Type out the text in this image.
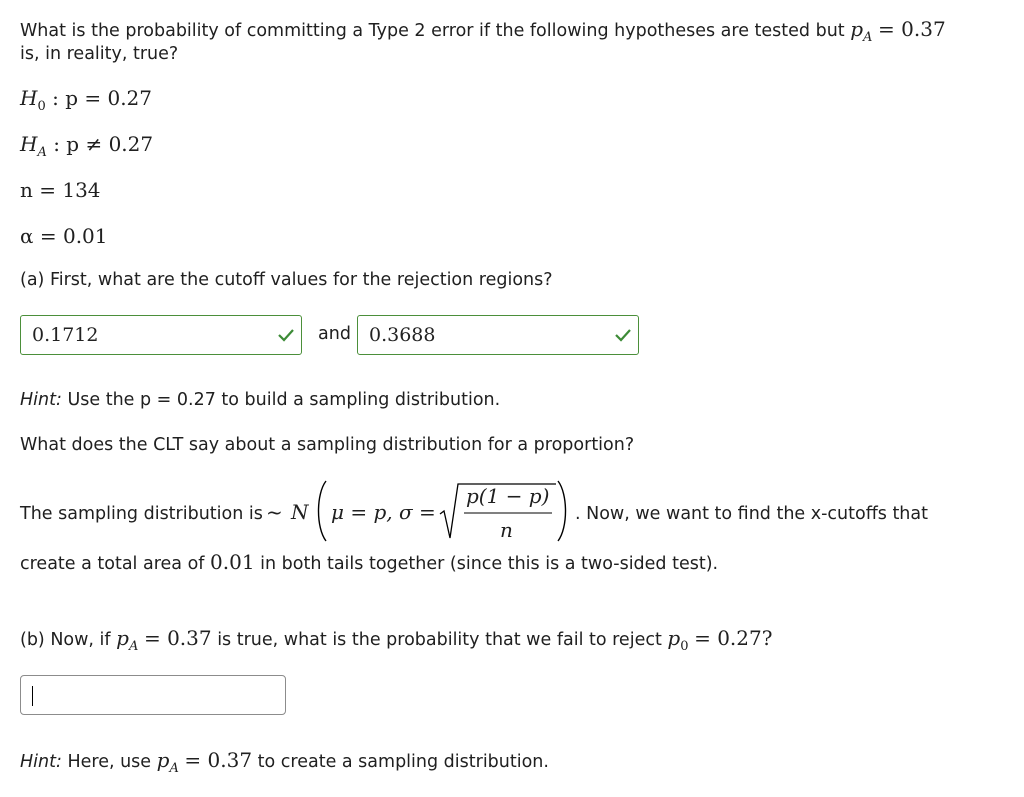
What is the probability of committing a Type 2 error if the following hypotheses are tested but $p_A = 0.37$
is, in reality, true?
$H_0$ : p = 0.27
$H_A$ : p ≠ 0.27
n = 134
α = 0.01
(a) First, what are the cutoff values for the rejection regions?
0.1712	and 0.3688
Hint: Use the p = 0.27 to build a sampling distribution.
What does the CLT say about a sampling distribution for a proportion?
The sampling distribution is ~ N μ = p, σ =
p(1 − p)
n
. Now, we want to find the x-cutoffs that
create a total area of 0.01 in both tails together (since this is a two-sided test).
(b) Now, if $p_A = 0.37$ is true, what is the probability that we fail to reject $p_0 = 0.27$?
Hint: Here, use $p_A = 0.37$ to create a sampling distribution.
